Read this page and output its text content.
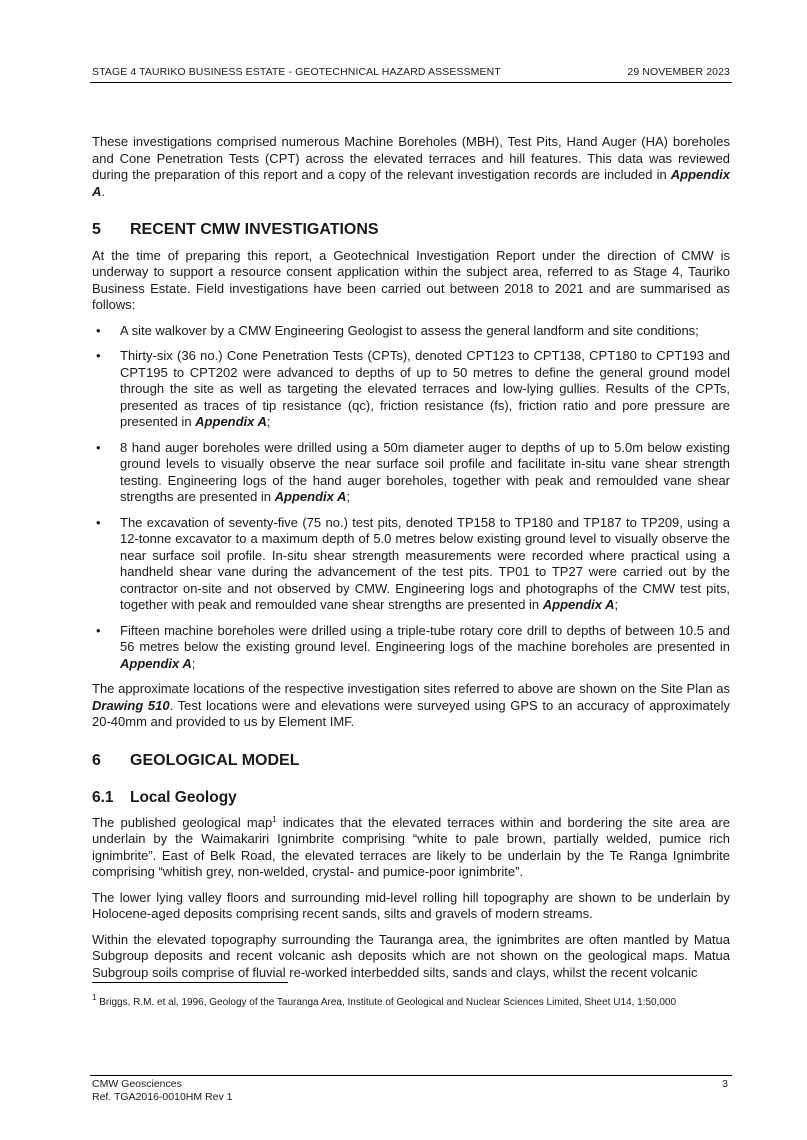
STAGE 4 TAURIKO BUSINESS ESTATE - GEOTECHNICAL HAZARD ASSESSMENT	29 NOVEMBER 2023

These investigations comprised numerous Machine Boreholes (MBH), Test Pits, Hand Auger (HA) boreholes and Cone Penetration Tests (CPT) across the elevated terraces and hill features. This data was reviewed during the preparation of this report and a copy of the relevant investigation records are included in Appendix A.

5	RECENT CMW INVESTIGATIONS

At the time of preparing this report, a Geotechnical Investigation Report under the direction of CMW is underway to support a resource consent application within the subject area, referred to as Stage 4, Tauriko Business Estate. Field investigations have been carried out between 2018 to 2021 and are summarised as follows:

• A site walkover by a CMW Engineering Geologist to assess the general landform and site conditions;
• Thirty-six (36 no.) Cone Penetration Tests (CPTs), denoted CPT123 to CPT138, CPT180 to CPT193 and CPT195 to CPT202 were advanced to depths of up to 50 metres to define the general ground model through the site as well as targeting the elevated terraces and low-lying gullies. Results of the CPTs, presented as traces of tip resistance (qc), friction resistance (fs), friction ratio and pore pressure are presented in Appendix A;
• 8 hand auger boreholes were drilled using a 50m diameter auger to depths of up to 5.0m below existing ground levels to visually observe the near surface soil profile and facilitate in-situ vane shear strength testing. Engineering logs of the hand auger boreholes, together with peak and remoulded vane shear strengths are presented in Appendix A;
• The excavation of seventy-five (75 no.) test pits, denoted TP158 to TP180 and TP187 to TP209, using a 12-tonne excavator to a maximum depth of 5.0 metres below existing ground level to visually observe the near surface soil profile. In-situ shear strength measurements were recorded where practical using a handheld shear vane during the advancement of the test pits. TP01 to TP27 were carried out by the contractor on-site and not observed by CMW. Engineering logs and photographs of the CMW test pits, together with peak and remoulded vane shear strengths are presented in Appendix A;
• Fifteen machine boreholes were drilled using a triple-tube rotary core drill to depths of between 10.5 and 56 metres below the existing ground level. Engineering logs of the machine boreholes are presented in Appendix A;

The approximate locations of the respective investigation sites referred to above are shown on the Site Plan as Drawing 510. Test locations were and elevations were surveyed using GPS to an accuracy of approximately 20-40mm and provided to us by Element IMF.

6	GEOLOGICAL MODEL
6.1	Local Geology

The published geological map$^1$ indicates that the elevated terraces within and bordering the site area are underlain by the Waimakariri Ignimbrite comprising “white to pale brown, partially welded, pumice rich ignimbrite”. East of Belk Road, the elevated terraces are likely to be underlain by the Te Ranga Ignimbrite comprising “whitish grey, non-welded, crystal- and pumice-poor ignimbrite”.

The lower lying valley floors and surrounding mid-level rolling hill topography are shown to be underlain by Holocene-aged deposits comprising recent sands, silts and gravels of modern streams.

Within the elevated topography surrounding the Tauranga area, the ignimbrites are often mantled by Matua Subgroup deposits and recent volcanic ash deposits which are not shown on the geological maps. Matua Subgroup soils comprise of fluvial re-worked interbedded silts, sands and clays, whilst the recent volcanic

$^1$ Briggs, R.M. et al, 1996, Geology of the Tauranga Area, Institute of Geological and Nuclear Sciences Limited, Sheet U14, 1:50,000
CMW Geosciences
Ref. TGA2016-0010HM Rev 1
3
